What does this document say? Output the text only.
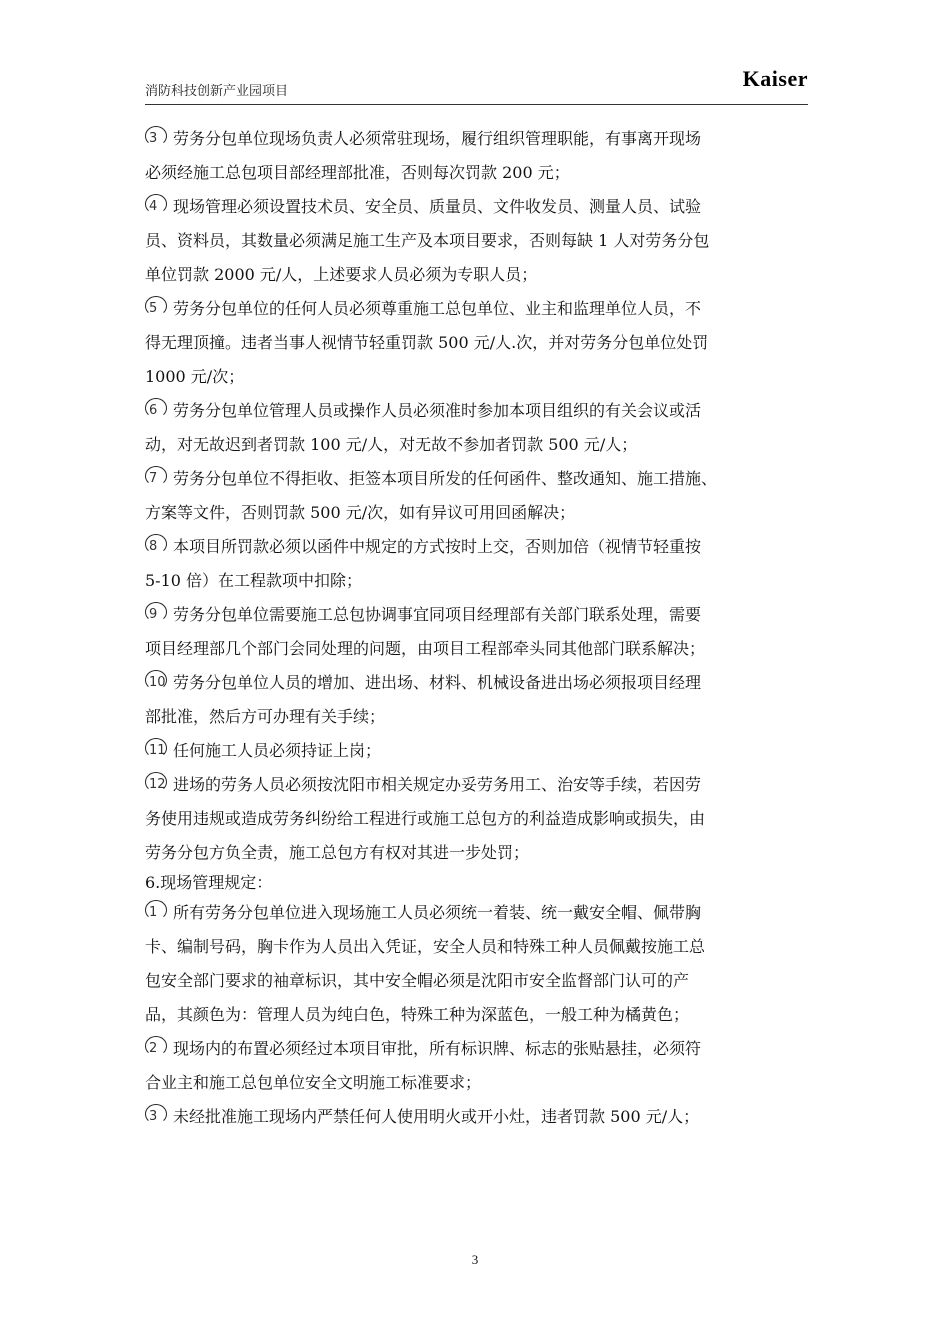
消防科技创新产业园项目
Kaiser
3 劳务分包单位现场负责人必须常驻现场，履行组织管理职能，有事离开现场
必须经施工总包项目部经理部批准，否则每次罚款 200 元；
4 现场管理必须设置技术员、安全员、质量员、文件收发员、测量人员、试验
员、资料员，其数量必须满足施工生产及本项目要求，否则每缺 1 人对劳务分包
单位罚款 2000 元/人，上述要求人员必须为专职人员；
5 劳务分包单位的任何人员必须尊重施工总包单位、业主和监理单位人员，不
得无理顶撞。违者当事人视情节轻重罚款 500 元/人.次，并对劳务分包单位处罚
1000 元/次；
6 劳务分包单位管理人员或操作人员必须准时参加本项目组织的有关会议或活
动，对无故迟到者罚款 100 元/人，对无故不参加者罚款 500 元/人；
7 劳务分包单位不得拒收、拒签本项目所发的任何函件、整改通知、施工措施、
方案等文件，否则罚款 500 元/次，如有异议可用回函解决；
8 本项目所罚款必须以函件中规定的方式按时上交，否则加倍（视情节轻重按
5-10 倍）在工程款项中扣除；
9 劳务分包单位需要施工总包协调事宜同项目经理部有关部门联系处理，需要
项目经理部几个部门会同处理的问题，由项目工程部牵头同其他部门联系解决；
10 劳务分包单位人员的增加、进出场、材料、机械设备进出场必须报项目经理
部批准，然后方可办理有关手续；
11 任何施工人员必须持证上岗；
12 进场的劳务人员必须按沈阳市相关规定办妥劳务用工、治安等手续，若因劳
务使用违规或造成劳务纠纷给工程进行或施工总包方的利益造成影响或损失，由
劳务分包方负全责，施工总包方有权对其进一步处罚；

6.现场管理规定：

1 所有劳务分包单位进入现场施工人员必须统一着装、统一戴安全帽、佩带胸
卡、编制号码，胸卡作为人员出入凭证，安全人员和特殊工种人员佩戴按施工总
包安全部门要求的袖章标识，其中安全帽必须是沈阳市安全监督部门认可的产
品，其颜色为：管理人员为纯白色，特殊工种为深蓝色，一般工种为橘黄色；
2 现场内的布置必须经过本项目审批，所有标识牌、标志的张贴悬挂，必须符
合业主和施工总包单位安全文明施工标准要求；
3 未经批准施工现场内严禁任何人使用明火或开小灶，违者罚款 500 元/人；
3
